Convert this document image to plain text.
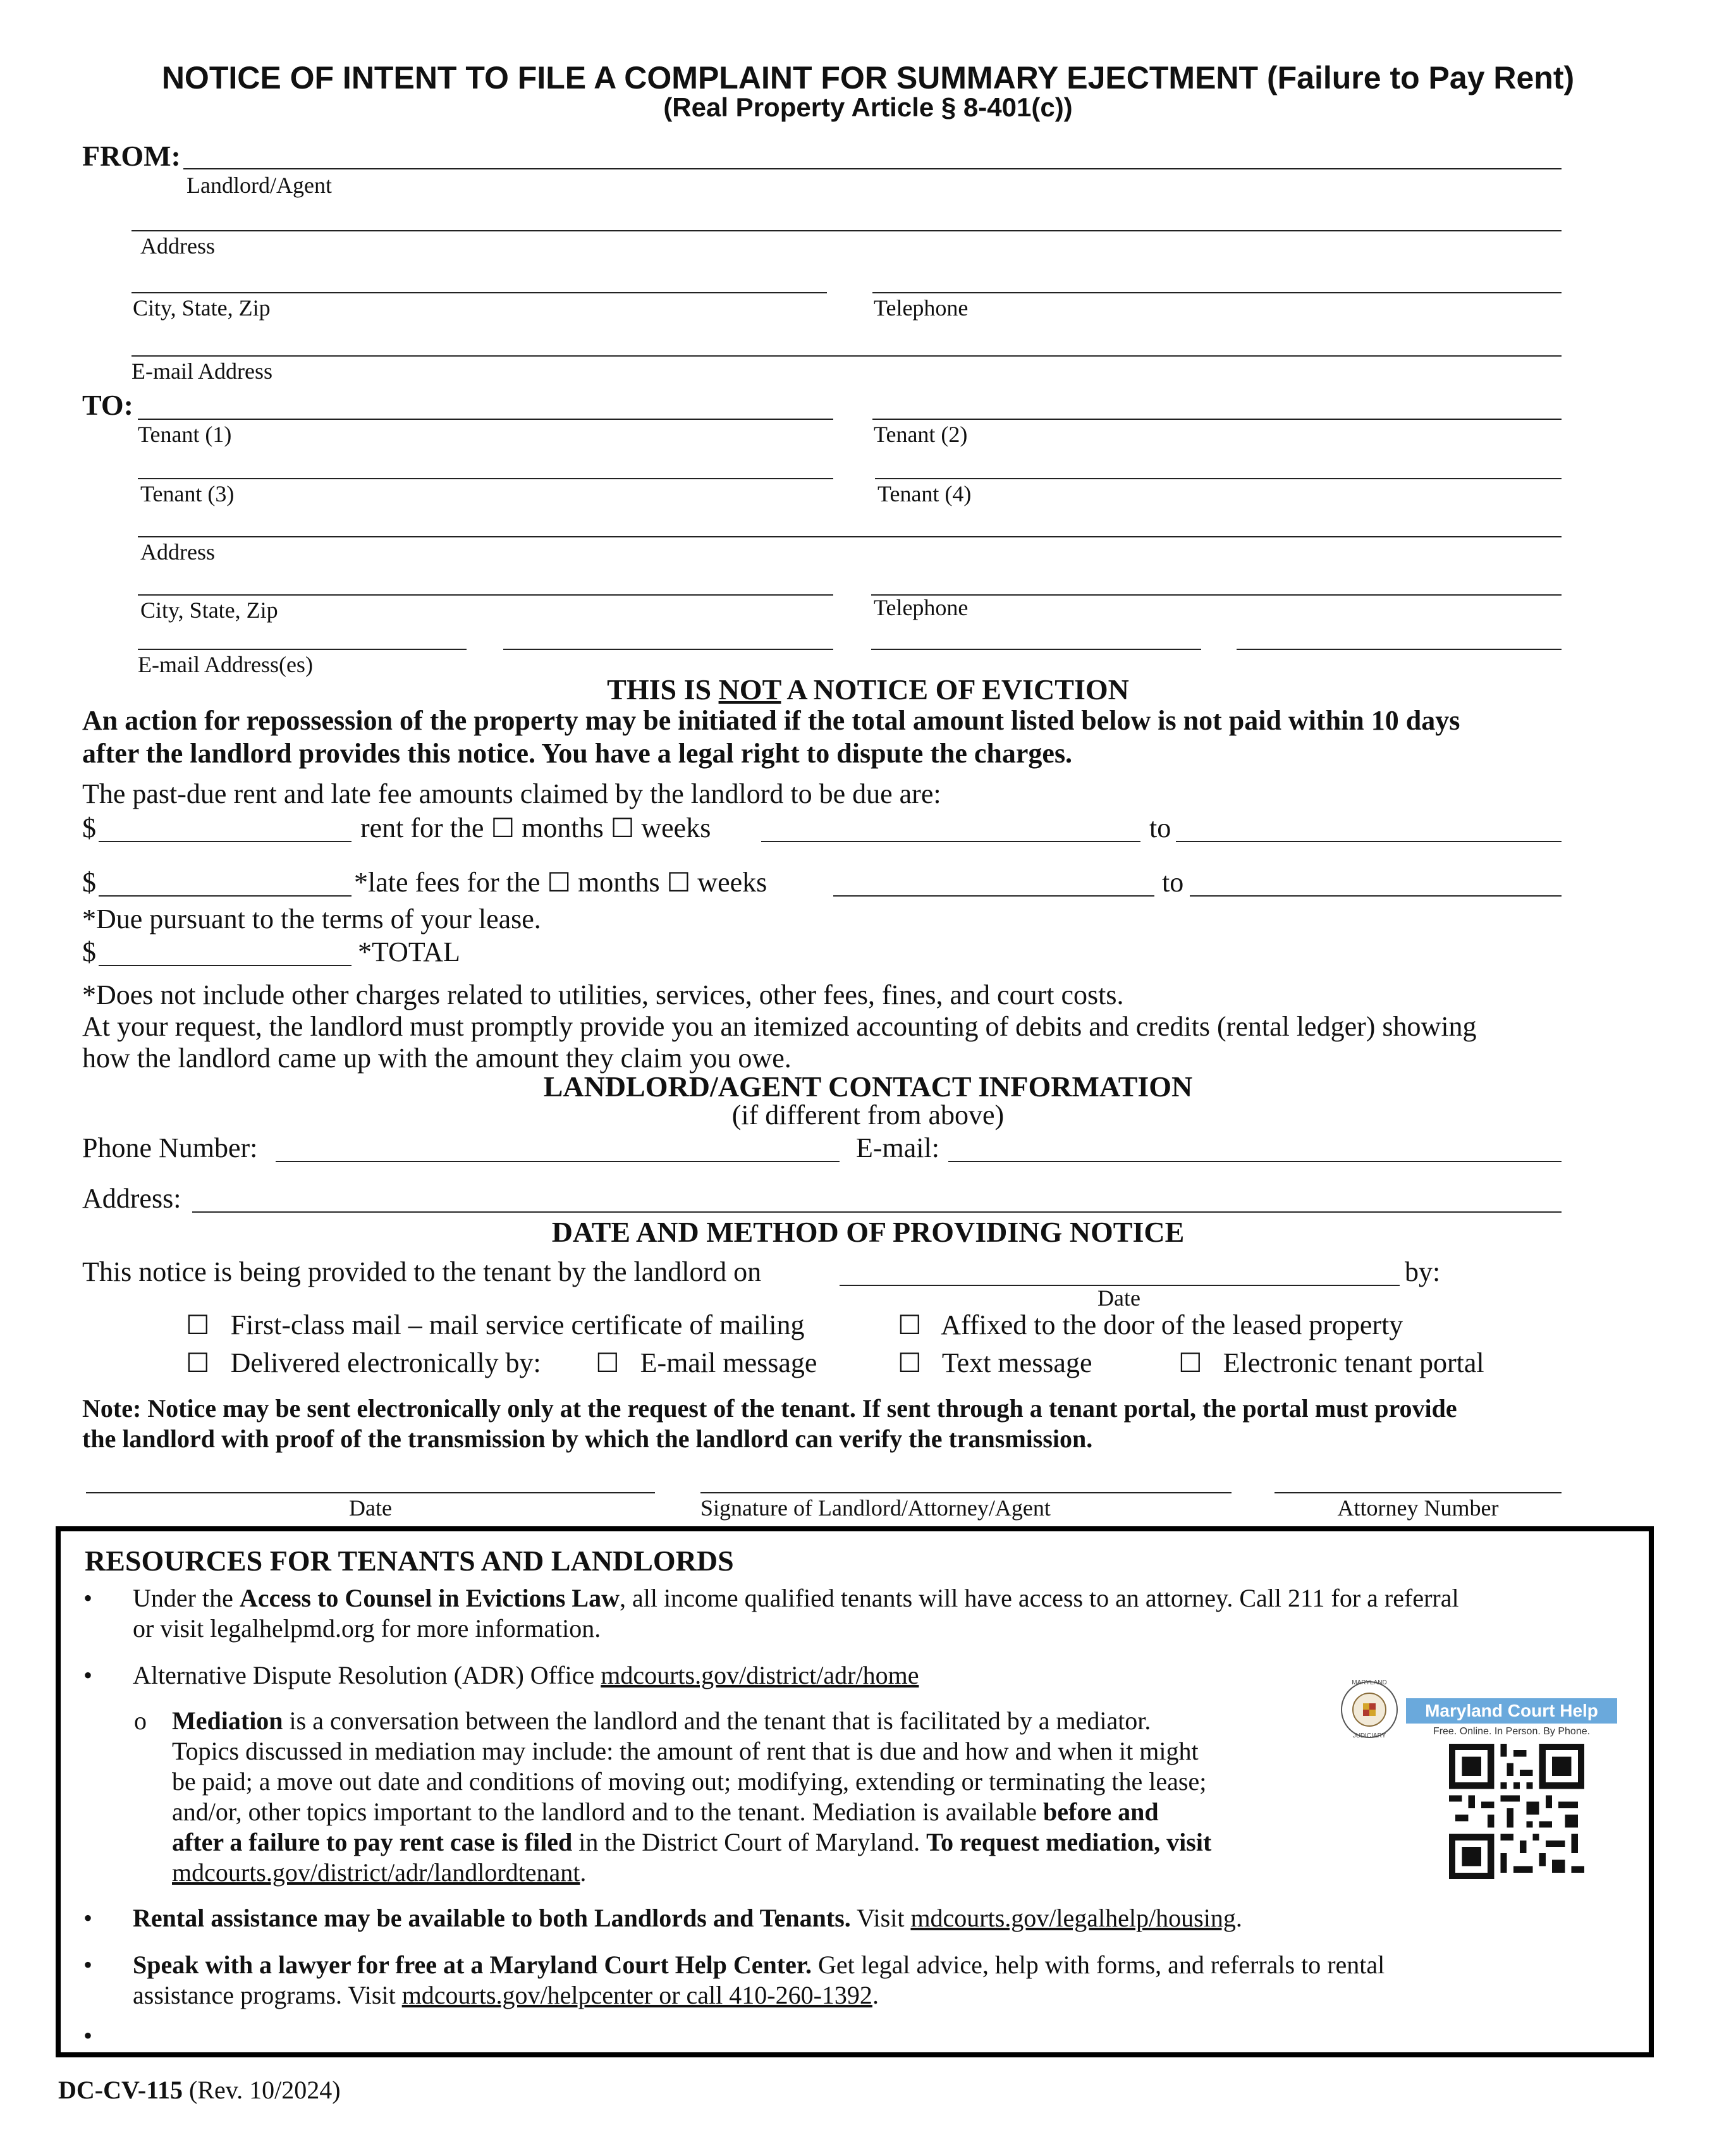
NOTICE OF INTENT TO FILE A COMPLAINT FOR SUMMARY EJECTMENT (Failure to Pay Rent)
(Real Property Article § 8-401(c))
FROM:
Landlord/Agent
Address
City, State, Zip	Telephone
E-mail Address
TO:
Tenant (1)	Tenant (2)
Tenant (3)	Tenant (4)
Address
City, State, Zip	Telephone
E-mail Address(es)
THIS IS NOT A NOTICE OF EVICTION
An action for repossession of the property may be initiated if the total amount listed below is not paid within 10 days
after the landlord provides this notice. You have a legal right to dispute the charges.
The past-due rent and late fee amounts claimed by the landlord to be due are:
$	rent for the ☐ months ☐ weeks	to
$	*late fees for the ☐ months ☐ weeks	to
*Due pursuant to the terms of your lease.
$	*TOTAL
*Does not include other charges related to utilities, services, other fees, fines, and court costs.
At your request, the landlord must promptly provide you an itemized accounting of debits and credits (rental ledger) showing
how the landlord came up with the amount they claim you owe.
LANDLORD/AGENT CONTACT INFORMATION
(if different from above)
Phone Number:	E-mail:
Address:
DATE AND METHOD OF PROVIDING NOTICE
This notice is being provided to the tenant by the landlord on	by:
Date
☐ First-class mail – mail service certificate of mailing	☐ Affixed to the door of the leased property
☐ Delivered electronically by: ☐ E-mail message	☐ Text message	☐ Electronic tenant portal
Note: Notice may be sent electronically only at the request of the tenant. If sent through a tenant portal, the portal must provide
the landlord with proof of the transmission by which the landlord can verify the transmission.
Date	Signature of Landlord/Attorney/Agent	Attorney Number
RESOURCES FOR TENANTS AND LANDLORDS
• Under the Access to Counsel in Evictions Law, all income qualified tenants will have access to an attorney. Call 211 for a referral
or visit legalhelpmd.org for more information.
• Alternative Dispute Resolution (ADR) Office mdcourts.gov/district/adr/home
o Mediation is a conversation between the landlord and the tenant that is facilitated by a mediator.
Topics discussed in mediation may include: the amount of rent that is due and how and when it might
be paid; a move out date and conditions of moving out; modifying, extending or terminating the lease;
and/or, other topics important to the landlord and to the tenant. Mediation is available before and
after a failure to pay rent case is filed in the District Court of Maryland. To request mediation, visit
mdcourts.gov/district/adr/landlordtenant.
MARYLAND
JUDICIARY
Maryland Court Help
Free. Online. In Person. By Phone.
• Rental assistance may be available to both Landlords and Tenants. Visit mdcourts.gov/legalhelp/housing.
• Speak with a lawyer for free at a Maryland Court Help Center. Get legal advice, help with forms, and referrals to rental
assistance programs. Visit mdcourts.gov/helpcenter or call 410-260-1392.
•
DC-CV-115 (Rev. 10/2024)
